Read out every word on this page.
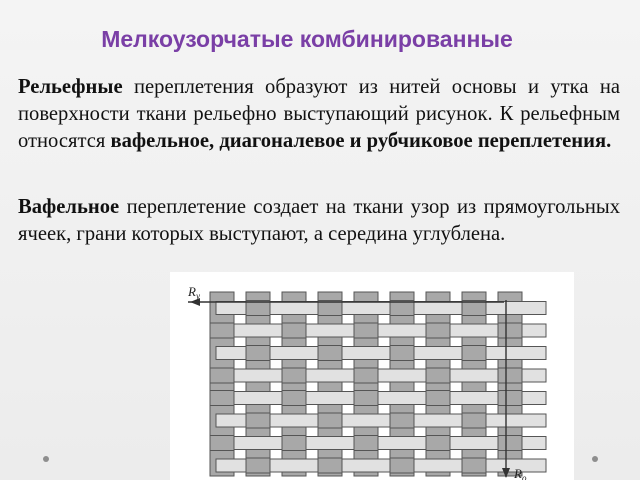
Мелкоузорчатые комбинированные

Рельефные переплетения образуют из нитей основы и утка на поверхности ткани рельефно выступающий рисунок. К рельефным относятся вафельное, диагоналевое и рубчиковое переплетения.

Вафельное переплетение создает на ткани узор из прямоугольных ячеек, грани которых выступают, а середина углублена.

$R_y$
$R_o$
